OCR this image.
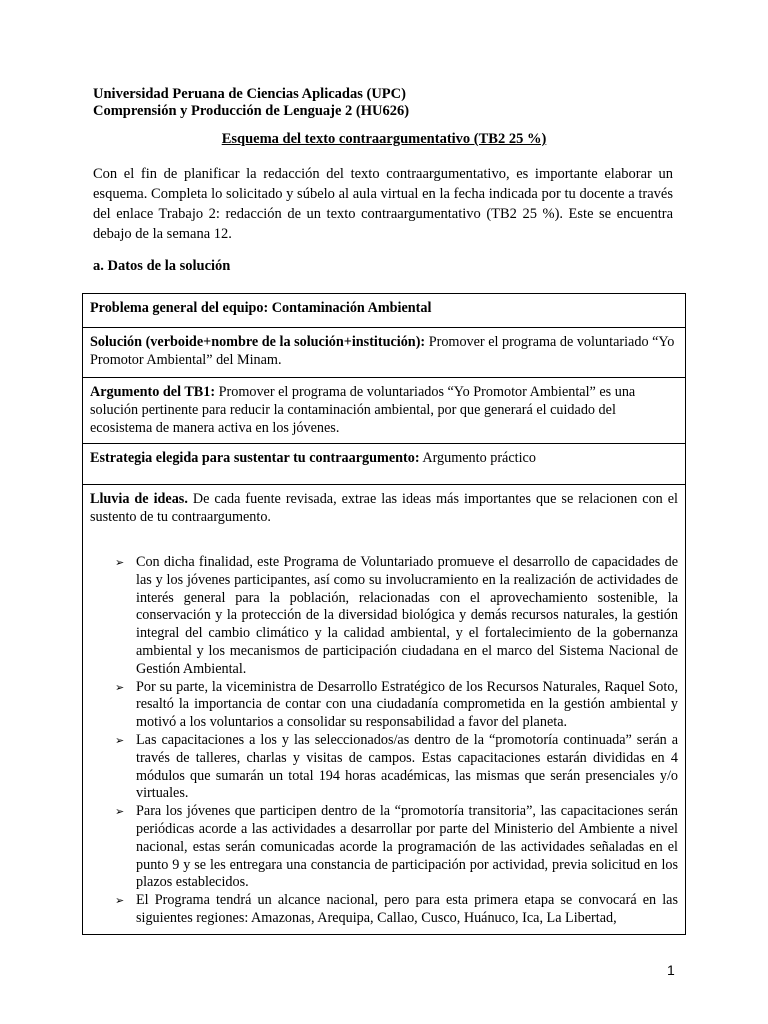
Universidad Peruana de Ciencias Aplicadas (UPC)
Comprensión y Producción de Lenguaje 2 (HU626)
Esquema del texto contraargumentativo (TB2 25 %)
Con el fin de planificar la redacción del texto contraargumentativo, es importante elaborar un esquema. Completa lo solicitado y súbelo al aula virtual en la fecha indicada por tu docente a través del enlace Trabajo 2: redacción de un texto contraargumentativo (TB2 25 %). Este se encuentra debajo de la semana 12.
a. Datos de la solución
Problema general del equipo: Contaminación Ambiental
Solución (verboide+nombre de la solución+institución): Promover el programa de voluntariado “Yo Promotor Ambiental” del Minam.
Argumento del TB1: Promover el programa de voluntariados “Yo Promotor Ambiental” es una solución pertinente para reducir la contaminación ambiental, por que generará el cuidado del ecosistema de manera activa en los jóvenes.
Estrategia elegida para sustentar tu contraargumento: Argumento práctico

Lluvia de ideas. De cada fuente revisada, extrae las ideas más importantes que se relacionen con el sustento de tu contraargumento.
➢ Con dicha finalidad, este Programa de Voluntariado promueve el desarrollo de capacidades de las y los jóvenes participantes, así como su involucramiento en la realización de actividades de interés general para la población, relacionadas con el aprovechamiento sostenible, la conservación y la protección de la diversidad biológica y demás recursos naturales, la gestión integral del cambio climático y la calidad ambiental, y el fortalecimiento de la gobernanza ambiental y los mecanismos de participación ciudadana en el marco del Sistema Nacional de Gestión Ambiental.
➢ Por su parte, la viceministra de Desarrollo Estratégico de los Recursos Naturales, Raquel Soto, resaltó la importancia de contar con una ciudadanía comprometida en la gestión ambiental y motivó a los voluntarios a consolidar su responsabilidad a favor del planeta.
➢ Las capacitaciones a los y las seleccionados/as dentro de la “promotoría continuada” serán a través de talleres, charlas y visitas de campos. Estas capacitaciones estarán divididas en 4 módulos que sumarán un total 194 horas académicas, las mismas que serán presenciales y/o virtuales.
➢ Para los jóvenes que participen dentro de la “promotoría transitoria”, las capacitaciones serán periódicas acorde a las actividades a desarrollar por parte del Ministerio del Ambiente a nivel nacional, estas serán comunicadas acorde la programación de las actividades señaladas en el punto 9 y se les entregara una constancia de participación por actividad, previa solicitud en los plazos establecidos.
➢ El Programa tendrá un alcance nacional, pero para esta primera etapa se convocará en las siguientes regiones: Amazonas, Arequipa, Callao, Cusco, Huánuco, Ica, La Libertad,
1
